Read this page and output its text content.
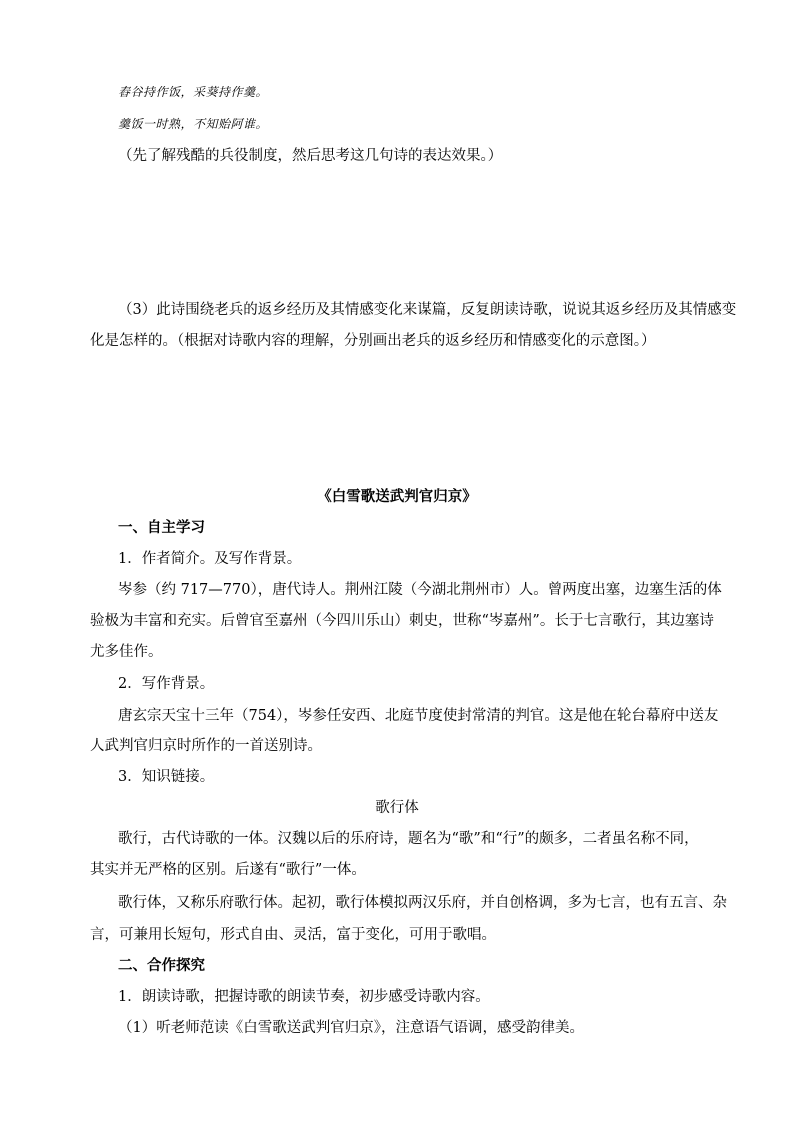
舂谷持作饭，采葵持作羹。
羹饭一时熟，不知贻阿谁。
（先了解残酷的兵役制度，然后思考这几句诗的表达效果。）
（3）此诗围绕老兵的返乡经历及其情感变化来谋篇，反复朗读诗歌，说说其返乡经历及其情感变
化是怎样的。（根据对诗歌内容的理解，分别画出老兵的返乡经历和情感变化的示意图。）
《白雪歌送武判官归京》
一、自主学习
1．作者简介。及写作背景。
岑参（约 717—770），唐代诗人。荆州江陵（今湖北荆州市）人。曾两度出塞，边塞生活的体
验极为丰富和充实。后曾官至嘉州（今四川乐山）刺史，世称“岑嘉州”。长于七言歌行，其边塞诗
尤多佳作。
2．写作背景。
唐玄宗天宝十三年（754），岑参任安西、北庭节度使封常清的判官。这是他在轮台幕府中送友
人武判官归京时所作的一首送别诗。
3．知识链接。
歌行体
歌行，古代诗歌的一体。汉魏以后的乐府诗，题名为“歌”和“行”的颇多，二者虽名称不同，
其实并无严格的区别。后遂有“歌行”一体。
歌行体，又称乐府歌行体。起初，歌行体模拟两汉乐府，并自创格调，多为七言，也有五言、杂
言，可兼用长短句，形式自由、灵活，富于变化，可用于歌唱。
二、合作探究
1．朗读诗歌，把握诗歌的朗读节奏，初步感受诗歌内容。
（1）听老师范读《白雪歌送武判官归京》，注意语气语调，感受韵律美。
